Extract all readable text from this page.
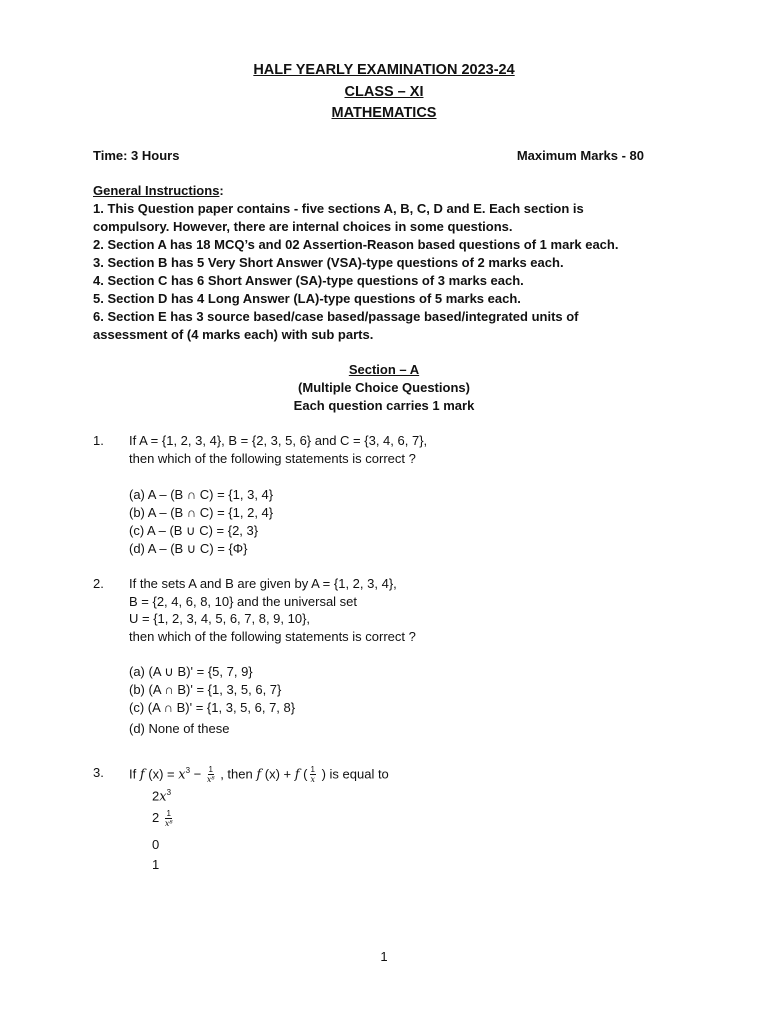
HALF YEARLY EXAMINATION 2023-24
CLASS – XI
MATHEMATICS
Time: 3 Hours	Maximum Marks - 80
General Instructions:
1. This Question paper contains - five sections A, B, C, D and E. Each section is
compulsory. However, there are internal choices in some questions.
2. Section A has 18 MCQ’s and 02 Assertion-Reason based questions of 1 mark each.
3. Section B has 5 Very Short Answer (VSA)-type questions of 2 marks each.
4. Section C has 6 Short Answer (SA)-type questions of 3 marks each.
5. Section D has 4 Long Answer (LA)-type questions of 5 marks each.
6. Section E has 3 source based/case based/passage based/integrated units of
assessment of (4 marks each) with sub parts.
Section – A
(Multiple Choice Questions)
Each question carries 1 mark
1. If A = {1, 2, 3, 4}, B = {2, 3, 5, 6} and C = {3, 4, 6, 7},
then which of the following statements is correct ?
(a) A – (B ∩ C) = {1, 3, 4}
(b) A – (B ∩ C) = {1, 2, 4}
(c) A – (B ∪ C) = {2, 3}
(d) A – (B ∪ C) = {Φ}
2. If the sets A and B are given by A = {1, 2, 3, 4},
B = {2, 4, 6, 8, 10} and the universal set
U = {1, 2, 3, 4, 5, 6, 7, 8, 9, 10},
then which of the following statements is correct ?
(a) (A ∪ B)' = {5, 7, 9}
(b) (A ∩ B)' = {1, 3, 5, 6, 7}
(c) (A ∩ B)' = {1, 3, 5, 6, 7, 8}
(d) None of these
3. If f $(x) = x^3 - \frac{1}{\text{x⁸}}$ , then f (x) + f ( $\frac{1}{x}$ ) is equal to
$2x^3$
$2 \frac{1}{\text{x⁸}}$
0
1
1
